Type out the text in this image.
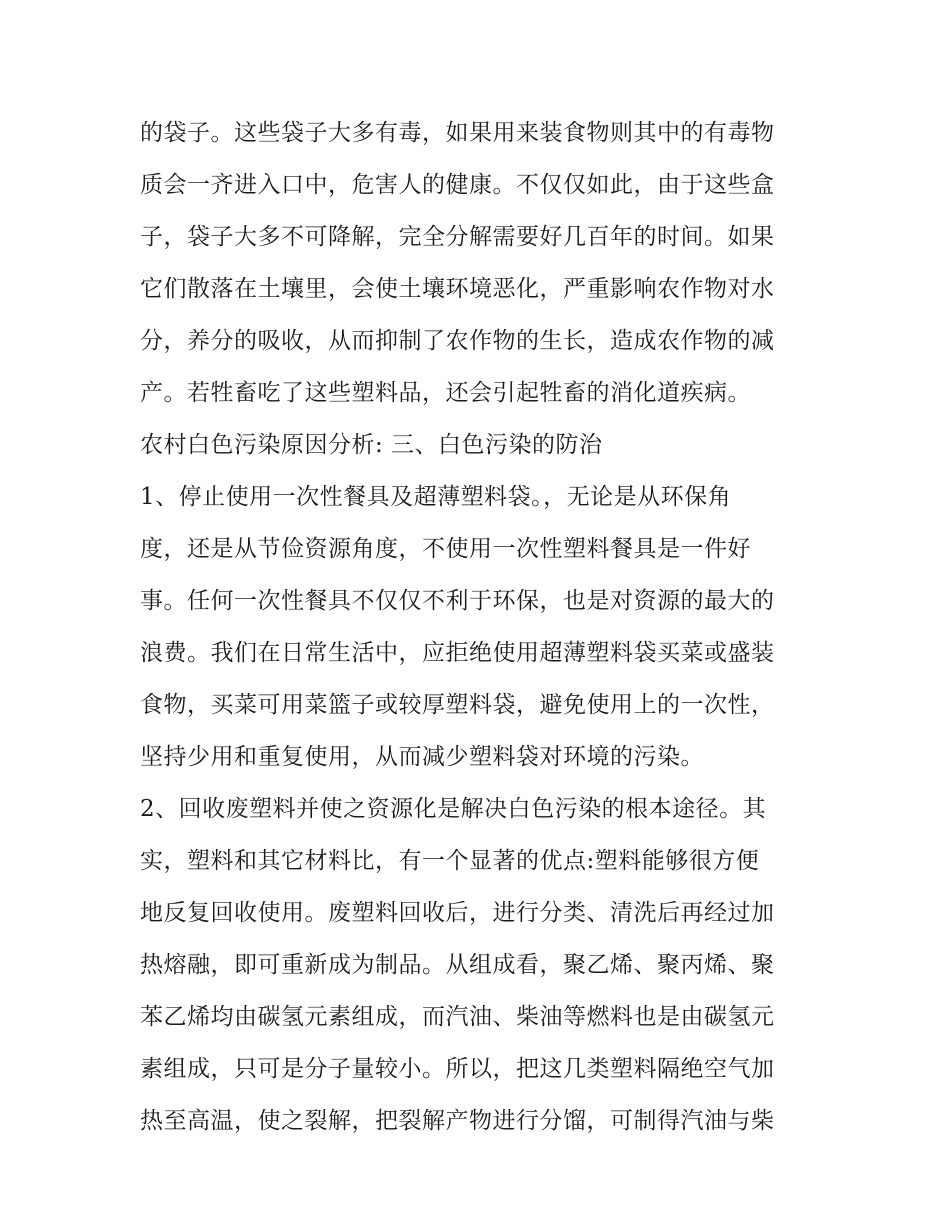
的袋子。这些袋子大多有毒，如果用来装食物则其中的有毒物
质会一齐进入口中，危害人的健康。不仅仅如此，由于这些盒
子，袋子大多不可降解，完全分解需要好几百年的时间。如果
它们散落在土壤里，会使土壤环境恶化，严重影响农作物对水
分，养分的吸收，从而抑制了农作物的生长，造成农作物的减
产。若牲畜吃了这些塑料品，还会引起牲畜的消化道疾病。
农村白色污染原因分析: 三、白色污染的防治
1、停止使用一次性餐具及超薄塑料袋。，无论是从环保角
度，还是从节俭资源角度，不使用一次性塑料餐具是一件好
事。任何一次性餐具不仅仅不利于环保，也是对资源的最大的
浪费。我们在日常生活中，应拒绝使用超薄塑料袋买菜或盛装
食物，买菜可用菜篮子或较厚塑料袋，避免使用上的一次性，
坚持少用和重复使用，从而减少塑料袋对环境的污染。
2、回收废塑料并使之资源化是解决白色污染的根本途径。其
实，塑料和其它材料比，有一个显著的优点:塑料能够很方便
地反复回收使用。废塑料回收后，进行分类、清洗后再经过加
热熔融，即可重新成为制品。从组成看，聚乙烯、聚丙烯、聚
苯乙烯均由碳氢元素组成，而汽油、柴油等燃料也是由碳氢元
素组成，只可是分子量较小。所以，把这几类塑料隔绝空气加
热至高温，使之裂解，把裂解产物进行分馏，可制得汽油与柴
